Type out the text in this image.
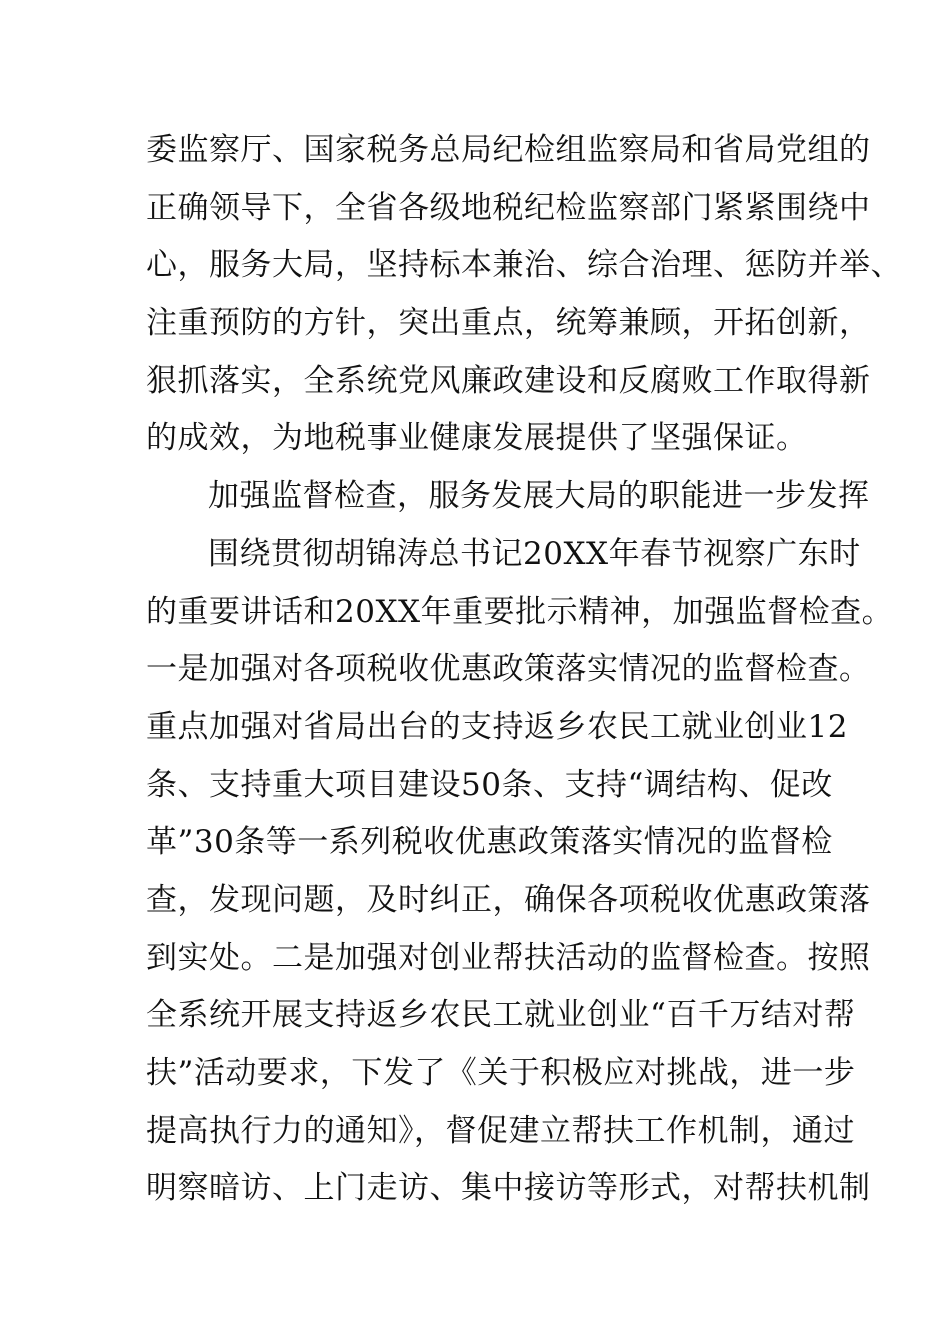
委监察厅、国家税务总局纪检组监察局和省局党组的
正确领导下，全省各级地税纪检监察部门紧紧围绕中
心，服务大局，坚持标本兼治、综合治理、惩防并举、
注重预防的方针，突出重点，统筹兼顾，开拓创新，
狠抓落实，全系统党风廉政建设和反腐败工作取得新
的成效，为地税事业健康发展提供了坚强保证。
加强监督检查，服务发展大局的职能进一步发挥
围绕贯彻胡锦涛总书记20XX年春节视察广东时
的重要讲话和20XX年重要批示精神，加强监督检查。
一是加强对各项税收优惠政策落实情况的监督检查。
重点加强对省局出台的支持返乡农民工就业创业12
条、支持重大项目建设50条、支持“调结构、促改
革”30条等一系列税收优惠政策落实情况的监督检
查，发现问题，及时纠正，确保各项税收优惠政策落
到实处。二是加强对创业帮扶活动的监督检查。按照
全系统开展支持返乡农民工就业创业“百千万结对帮
扶”活动要求，下发了《关于积极应对挑战，进一步
提高执行力的通知》，督促建立帮扶工作机制，通过
明察暗访、上门走访、集中接访等形式，对帮扶机制
